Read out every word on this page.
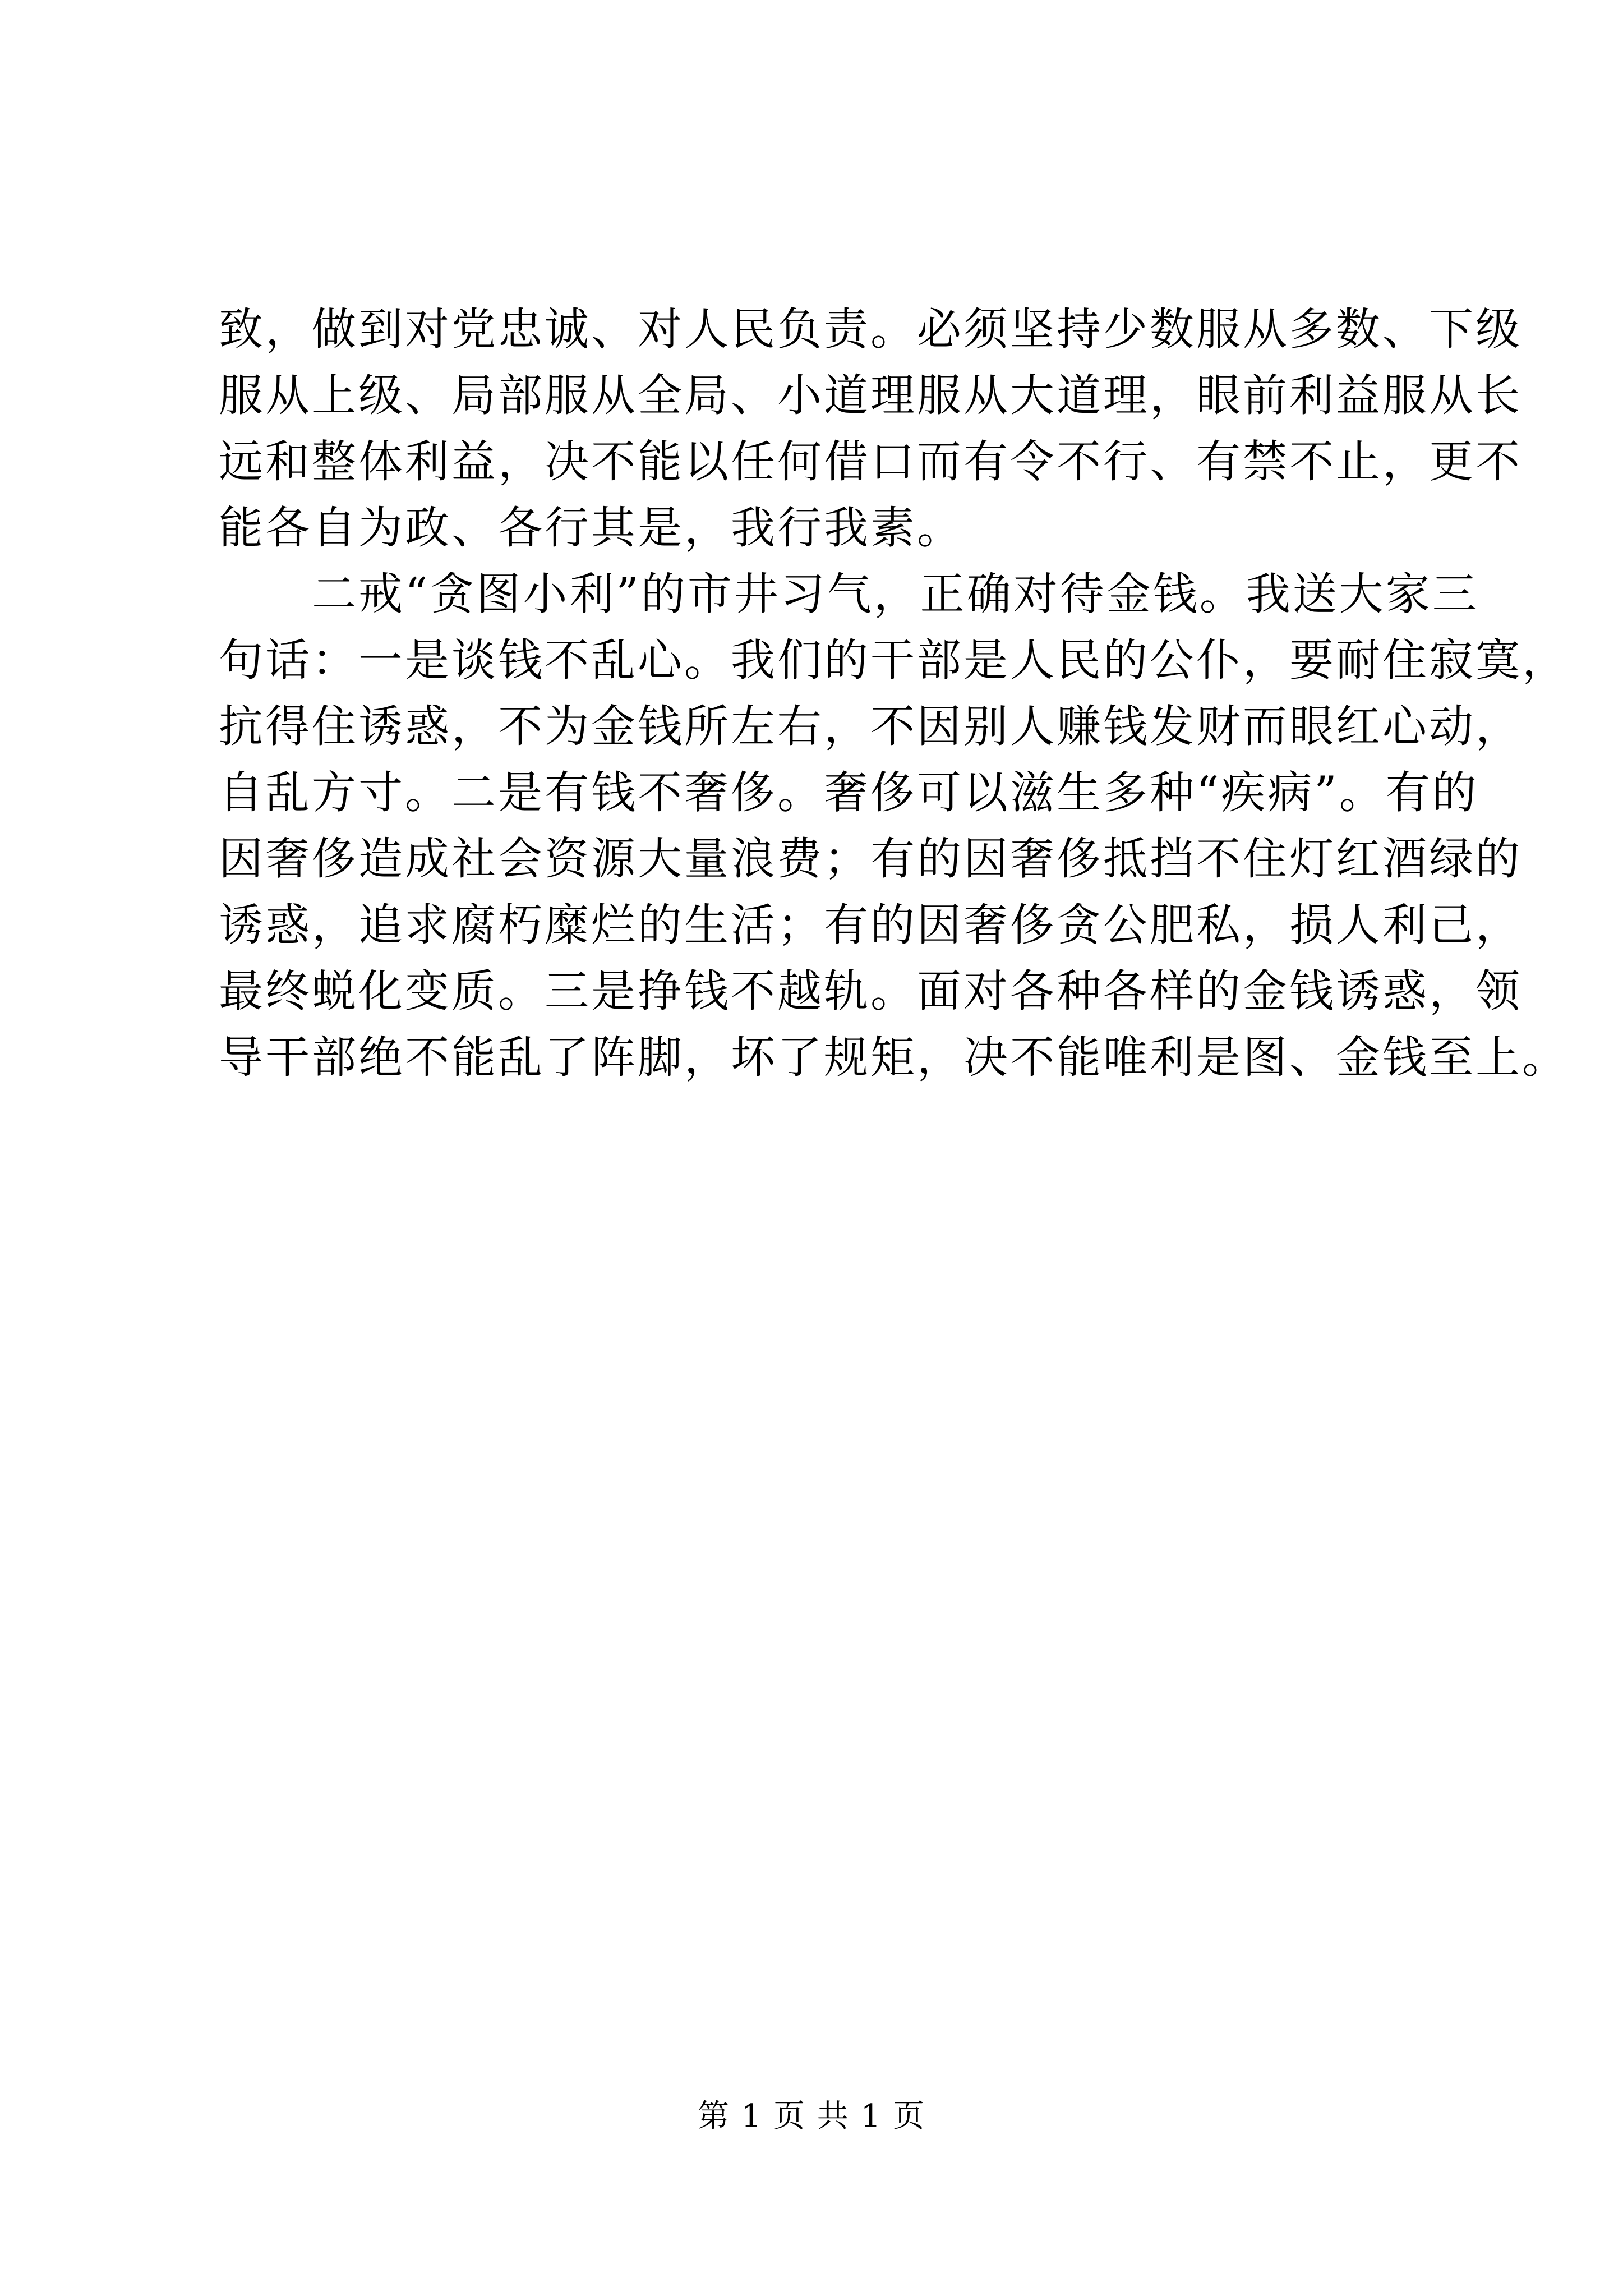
致，做到对党忠诚、对人民负责。必须坚持少数服从多数、下级
服从上级、局部服从全局、小道理服从大道理，眼前利益服从长
远和整体利益，决不能以任何借口而有令不行、有禁不止，更不
能各自为政、各行其是，我行我素。
　　二戒“贪图小利”的市井习气，正确对待金钱。我送大家三
句话：一是谈钱不乱心。我们的干部是人民的公仆，要耐住寂寞，
抗得住诱惑，不为金钱所左右，不因别人赚钱发财而眼红心动，
自乱方寸。二是有钱不奢侈。奢侈可以滋生多种“疾病”。有的
因奢侈造成社会资源大量浪费；有的因奢侈抵挡不住灯红酒绿的
诱惑，追求腐朽糜烂的生活；有的因奢侈贪公肥私，损人利己，
最终蜕化变质。三是挣钱不越轨。面对各种各样的金钱诱惑，领
导干部绝不能乱了阵脚，坏了规矩，决不能唯利是图、金钱至上。
第 1 页 共 1 页
